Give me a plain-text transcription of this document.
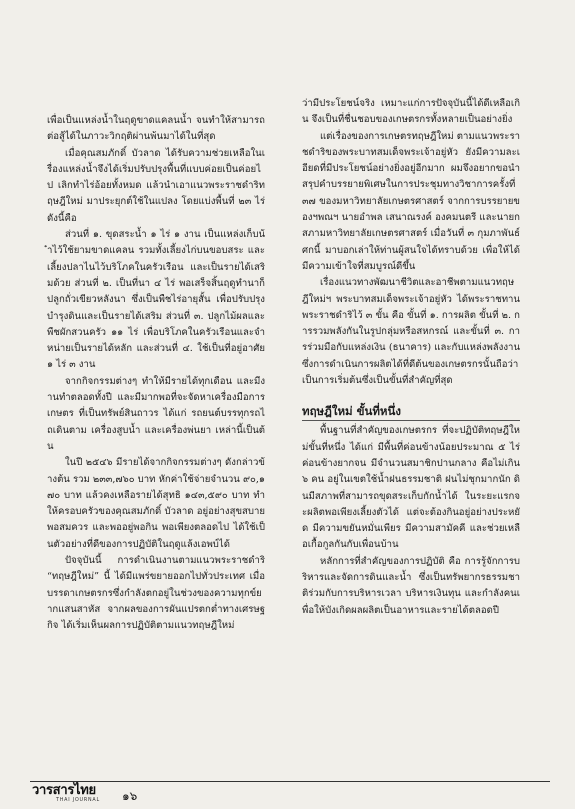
เพื่อเป็นแหล่งน้ำในฤดูขาดแคลนน้ำ จนทำให้สามารถต่อสู้ได้ในภาวะวิกฤติผ่านพ้นมาได้ในที่สุด

เมื่อคุณสมภักดิ์ บัวลาด ได้รับความช่วยเหลือในเรื่องแหล่งน้ำจึงได้เริ่มปรับปรุงพื้นที่แบบค่อยเป็นค่อยไป เลิกทำไร่อ้อยทั้งหมด แล้วนำเอาแนวพระราชดำริทฤษฎีใหม่ มาประยุกต์ใช้ในแปลง โดยแบ่งพื้นที่ ๒๓ ไร่ ดังนี้คือ

ส่วนที่ ๑. ขุดสระน้ำ ๑ ไร่ ๑ งาน เป็นแหล่งเก็บน้ำไว้ใช้ยามขาดแคลน รวมทั้งเลี้ยงไก่บนขอบสระ และเลี้ยงปลาไนไว้บริโภคในครัวเรือน และเป็นรายได้เสริมด้วย ส่วนที่ ๒. เป็นที่นา ๔ ไร่ พอเสร็จสิ้นฤดูทำนาก็ปลูกถั่วเขียวหลังนา ซึ่งเป็นพืชไร่อายุสั้น เพื่อปรับปรุงบำรุงดินและเป็นรายได้เสริม ส่วนที่ ๓. ปลูกไม้ผลและพืชผักสวนครัว ๑๑ ไร่ เพื่อบริโภคในครัวเรือนและจำหน่ายเป็นรายได้หลัก และส่วนที่ ๔. ใช้เป็นที่อยู่อาศัย ๑ ไร่ ๓ งาน

จากกิจกรรมต่างๆ ทำให้มีรายได้ทุกเดือน และมีงานทำตลอดทั้งปี และมีมากพอที่จะจัดหาเครื่องมือการเกษตร ที่เป็นทรัพย์สินถาวร ได้แก่ รถยนต์บรรทุกรถไถเดินตาม เครื่องสูบน้ำ และเครื่องพ่นยา เหล่านี้เป็นต้น

ในปี ๒๕๔๖ มีรายได้จากกิจกรรมต่างๆ ดังกล่าวข้างต้น รวม ๒๓๓,๗๖๐ บาท หักค่าใช้จ่ายจำนวน ๙๐,๑๗๐ บาท แล้วคงเหลือรายได้สุทธิ ๑๔๓,๕๙๐ บาท ทำให้ครอบครัวของคุณสมภักดิ์ บัวลาด อยู่อย่างสุขสบายพอสมควร และพออยู่พอกิน พอเพียงตลอดไป ได้ใช้เป็นตัวอย่างที่ดีของการปฏิบัติในฤดูแล้งเอพบ์ได้

ปัจจุบันนี้ การดำเนินงานตามแนวพระราชดำริ “ทฤษฎีใหม่” นี้ ได้มีแพร่ขยายออกไปทั่วประเทศ เมื่อบรรดาเกษตรกรซึ่งกำลังตกอยู่ในช่วงของความทุกข์ยากแสนสาหัส จากผลของการผันแปรตกต่ำทางเศรษฐกิจ ได้เริ่มเห็นผลการปฏิบัติตามแนวทฤษฎีใหม่

ว่ามีประโยชน์จริง เหมาะแก่การปัจจุบันนี้ได้ดีเหลือเกิน จึงเป็นที่ชื่นชอบของเกษตรกรทั้งหลายเป็นอย่างยิ่ง

แต่เรื่องของการเกษตรทฤษฎีใหม่ ตามแนวพระราชดำริของพระบาทสมเด็จพระเจ้าอยู่หัว ยังมีความละเอียดที่มีประโยชน์อย่างยิ่งอยู่อีกมาก ผมจึงอยากขอนำสรุปคำบรรยายพิเศษในการประชุมทางวิชาการครั้งที่ ๓๗ ของมหาวิทยาลัยเกษตรศาสตร์ จากการบรรยายของฯพณฯ นายอำพล เสนาณรงค์ องคมนตรี และนายกสภามหาวิทยาลัยเกษตรศาสตร์ เมื่อวันที่ ๓ กุมภาพันธ์ศกนี้ มาบอกเล่าให้ท่านผู้สนใจได้ทราบด้วย เพื่อให้ได้มีความเข้าใจที่สมบูรณ์ดีขึ้น

เรื่องแนวทางพัฒนาชีวิตและอาชีพตามแนวทฤษฎีใหม่ฯ พระบาทสมเด็จพระเจ้าอยู่หัว ได้พระราชทานพระราชดำริไว้ ๓ ขั้น คือ ขั้นที่ ๑. การผลิต ขั้นที่ ๒. การรวมพลังกันในรูปกลุ่มหรือสหกรณ์ และขั้นที่ ๓. การร่วมมือกับแหล่งเงิน (ธนาคาร) และกับแหล่งพลังงาน ซึ่งการดำเนินการผลิตได้ที่ดีต้นของเกษตรกรนั้นถือว่าเป็นการเริ่มต้นซึ่งเป็นขั้นที่สำคัญที่สุด

ทฤษฎีใหม่ ขั้นที่หนึ่ง

พื้นฐานที่สำคัญของเกษตรกร ที่จะปฏิบัติทฤษฎีใหม่ขั้นที่หนึ่ง ได้แก่ มีพื้นที่ค่อนข้างน้อยประมาณ ๕ ไร่ ค่อนข้างยากจน มีจำนวนสมาชิกปานกลาง คือไม่เกิน ๖ คน อยู่ในเขตใช้น้ำฝนธรรมชาติ ฝนไม่ชุกมากนัก ดินมีสภาพที่สามารถขุดสระเก็บกักน้ำได้ ในระยะแรกจะผลิตพอเพียงเลี้ยงตัวได้ แต่จะต้องกินอยู่อย่างประหยัด มีความขยันหมั่นเพียร มีความสามัคคี และช่วยเหลือเกื้อกูลกันกับเพื่อนบ้าน

หลักการที่สำคัญของการปฏิบัติ คือ การรู้จักการบริหารและจัดการดินและน้ำ ซึ่งเป็นทรัพยากรธรรมชาติร่วมกับการบริหารเวลา บริหารเงินทุน และกำลังคนเพื่อให้บังเกิดผลผลิตเป็นอาหารและรายได้ตลอดปี

วารสารไทย
THAI JOURNAL ๑๖
